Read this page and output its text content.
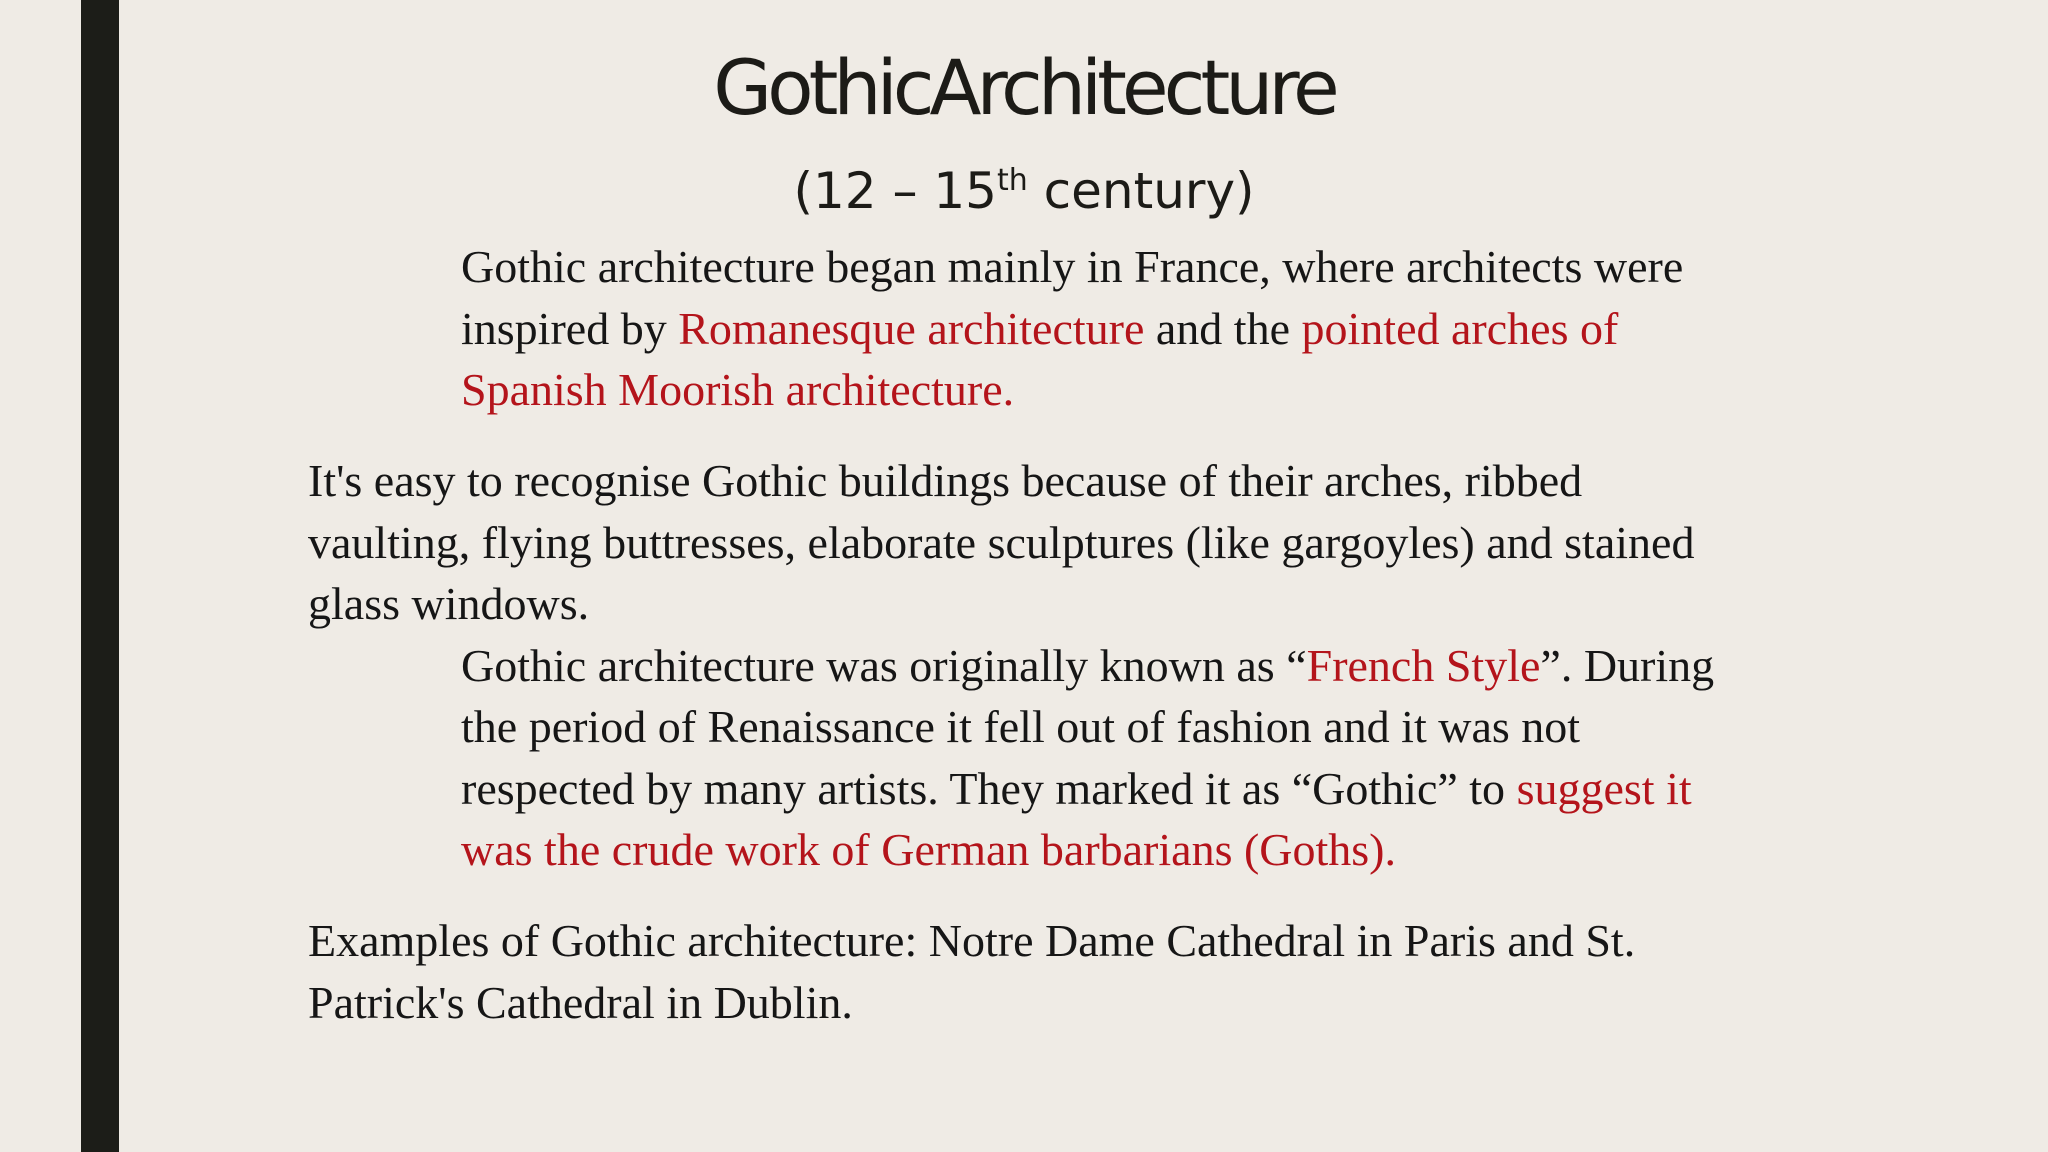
GothicArchitecture
(12 – 15th century)

Gothic architecture began mainly in France, where architects were inspired by Romanesque architecture and the pointed arches of Spanish Moorish architecture.

It's easy to recognise Gothic buildings because of their arches, ribbed vaulting, flying buttresses, elaborate sculptures (like gargoyles) and stained glass windows.

Gothic architecture was originally known as “French Style”. During the period of Renaissance it fell out of fashion and it was not respected by many artists. They marked it as “Gothic” to suggest it was the crude work of German barbarians (Goths).

Examples of Gothic architecture: Notre Dame Cathedral in Paris and St. Patrick's Cathedral in Dublin.
